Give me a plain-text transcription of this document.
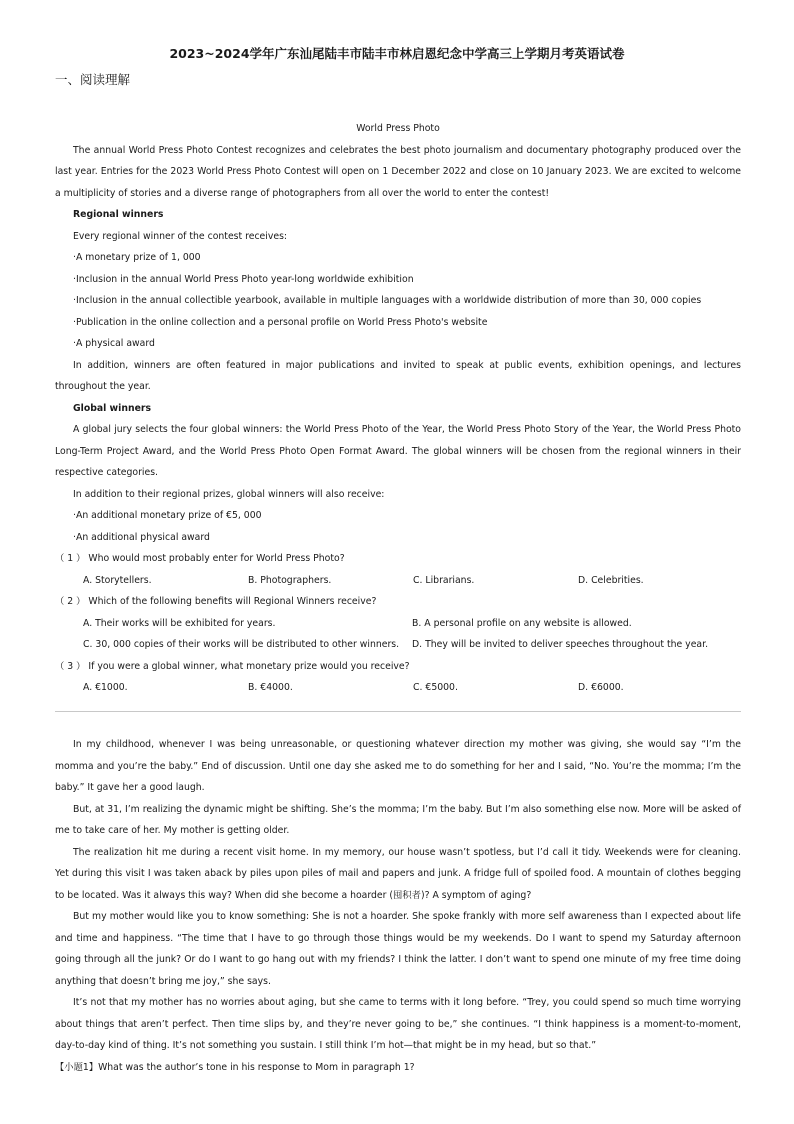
2023~2024学年广东汕尾陆丰市陆丰市林启恩纪念中学高三上学期月考英语试卷
一、阅读理解

World Press Photo

The annual World Press Photo Contest recognizes and celebrates the best photo journalism and documentary photography produced over the last year. Entries for the 2023 World Press Photo Contest will open on 1 December 2022 and close on 10 January 2023. We are excited to welcome a multiplicity of stories and a diverse range of photographers from all over the world to enter the contest!

Regional winners

Every regional winner of the contest receives:

·A monetary prize of 1, 000

·Inclusion in the annual World Press Photo year-long worldwide exhibition

·Inclusion in the annual collectible yearbook, available in multiple languages with a worldwide distribution of more than 30, 000 copies

·Publication in the online collection and a personal profile on World Press Photo's website

·A physical award

In addition, winners are often featured in major publications and invited to speak at public events, exhibition openings, and lectures throughout the year.

Global winners

A global jury selects the four global winners: the World Press Photo of the Year, the World Press Photo Story of the Year, the World Press Photo Long-Term Project Award, and the World Press Photo Open Format Award. The global winners will be chosen from the regional winners in their respective categories.

In addition to their regional prizes, global winners will also receive:

·An additional monetary prize of €5, 000

·An additional physical award

（ 1 ） Who would most probably enter for World Press Photo?

A. Storytellers.	B. Photographers.	C. Librarians.	D. Celebrities.

（ 2 ） Which of the following benefits will Regional Winners receive?

A. Their works will be exhibited for years.	B. A personal profile on any website is allowed.
C. 30, 000 copies of their works will be distributed to other winners.	D. They will be invited to deliver speeches throughout the year.

（ 3 ） If you were a global winner, what monetary prize would you receive?

A. €1000.	B. €4000.	C. €5000.	D. €6000.

In my childhood, whenever I was being unreasonable, or questioning whatever direction my mother was giving, she would say “I’m the momma and you’re the baby.” End of discussion. Until one day she asked me to do something for her and I said, “No. You’re the momma; I’m the baby.” It gave her a good laugh.

But, at 31, I’m realizing the dynamic might be shifting. She’s the momma; I’m the baby. But I’m also something else now. More will be asked of me to take care of her. My mother is getting older.

The realization hit me during a recent visit home. In my memory, our house wasn’t spotless, but I’d call it tidy. Weekends were for cleaning. Yet during this visit I was taken aback by piles upon piles of mail and papers and junk. A fridge full of spoiled food. A mountain of clothes begging to be located. Was it always this way? When did she become a hoarder (囤积者)? A symptom of aging?

But my mother would like you to know something: She is not a hoarder. She spoke frankly with more self awareness than I expected about life and time and happiness. “The time that I have to go through those things would be my weekends. Do I want to spend my Saturday afternoon going through all the junk? Or do I want to go hang out with my friends? I think the latter. I don’t want to spend one minute of my free time doing anything that doesn’t bring me joy,” she says.

It’s not that my mother has no worries about aging, but she came to terms with it long before. “Trey, you could spend so much time worrying about things that aren’t perfect. Then time slips by, and they’re never going to be,” she continues. “I think happiness is a moment-to-moment, day-to-day kind of thing. It’s not something you sustain. I still think I’m hot—that might be in my head, but so that.”

【小题1】What was the author’s tone in his response to Mom in paragraph 1?
